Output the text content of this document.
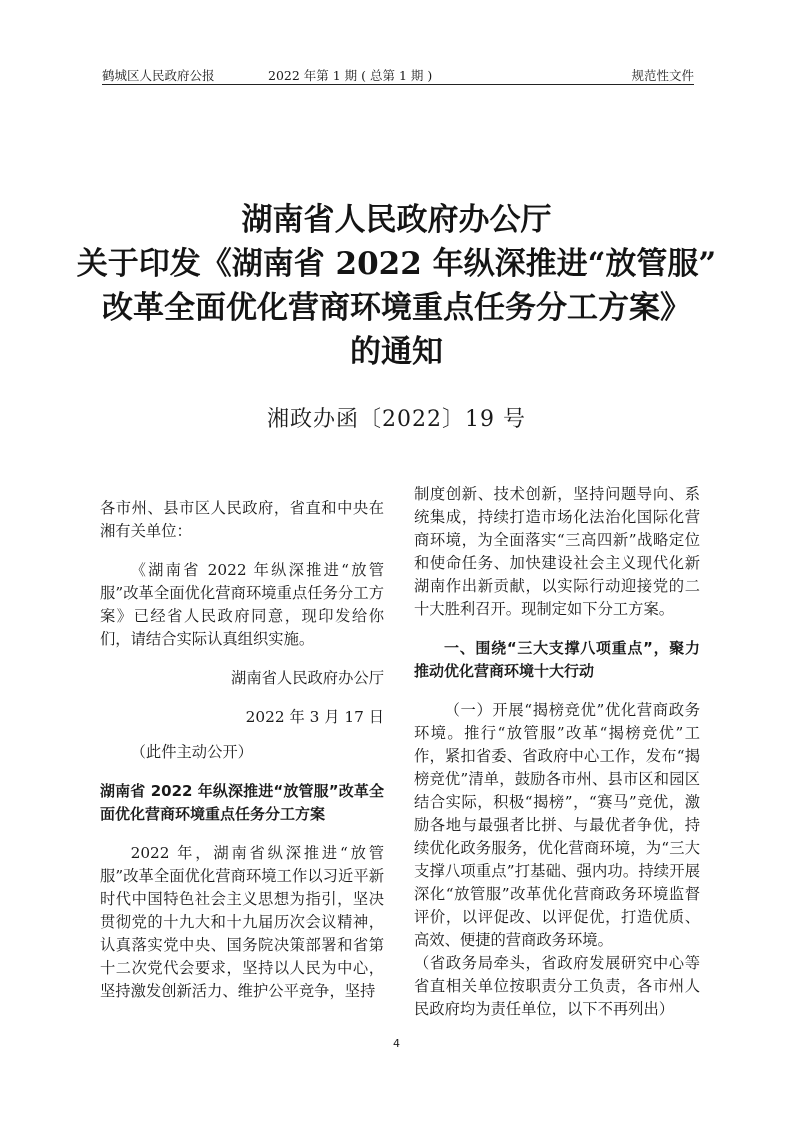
鹤城区人民政府公报	2022 年第 1 期 ( 总第 1 期 )	规范性文件
湖南省人民政府办公厅
关于印发《湖南省 2022 年纵深推进“放管服”
改革全面优化营商环境重点任务分工方案》
的通知
湘政办函〔2022〕19 号

各市州、县市区人民政府，省直和中央在湘有关单位：

《湖南省 2022 年纵深推进“放管服”改革全面优化营商环境重点任务分工方案》已经省人民政府同意，现印发给你们，请结合实际认真组织实施。

湖南省人民政府办公厅

2022 年 3 月 17 日

（此件主动公开）

湖南省 2022 年纵深推进“放管服”改革全面优化营商环境重点任务分工方案

2022 年，湖南省纵深推进“放管服”改革全面优化营商环境工作以习近平新时代中国特色社会主义思想为指引，坚决贯彻党的十九大和十九届历次会议精神，认真落实党中央、国务院决策部署和省第十二次党代会要求，坚持以人民为中心，坚持激发创新活力、维护公平竞争，坚持

制度创新、技术创新，坚持问题导向、系统集成，持续打造市场化法治化国际化营商环境，为全面落实“三高四新”战略定位和使命任务、加快建设社会主义现代化新湖南作出新贡献，以实际行动迎接党的二十大胜利召开。现制定如下分工方案。

一、围绕“三大支撑八项重点”，聚力推动优化营商环境十大行动

（一）开展“揭榜竞优”优化营商政务环境。推行“放管服”改革“揭榜竞优”工作，紧扣省委、省政府中心工作，发布“揭榜竞优”清单，鼓励各市州、县市区和园区结合实际，积极“揭榜”，“赛马”竞优，激励各地与最强者比拼、与最优者争优，持续优化政务服务，优化营商环境，为“三大支撑八项重点”打基础、强内功。持续开展深化“放管服”改革优化营商政务环境监督评价，以评促改、以评促优，打造优质、高效、便捷的营商政务环境。

（省政务局牵头，省政府发展研究中心等省直相关单位按职责分工负责，各市州人民政府均为责任单位，以下不再列出）

4
